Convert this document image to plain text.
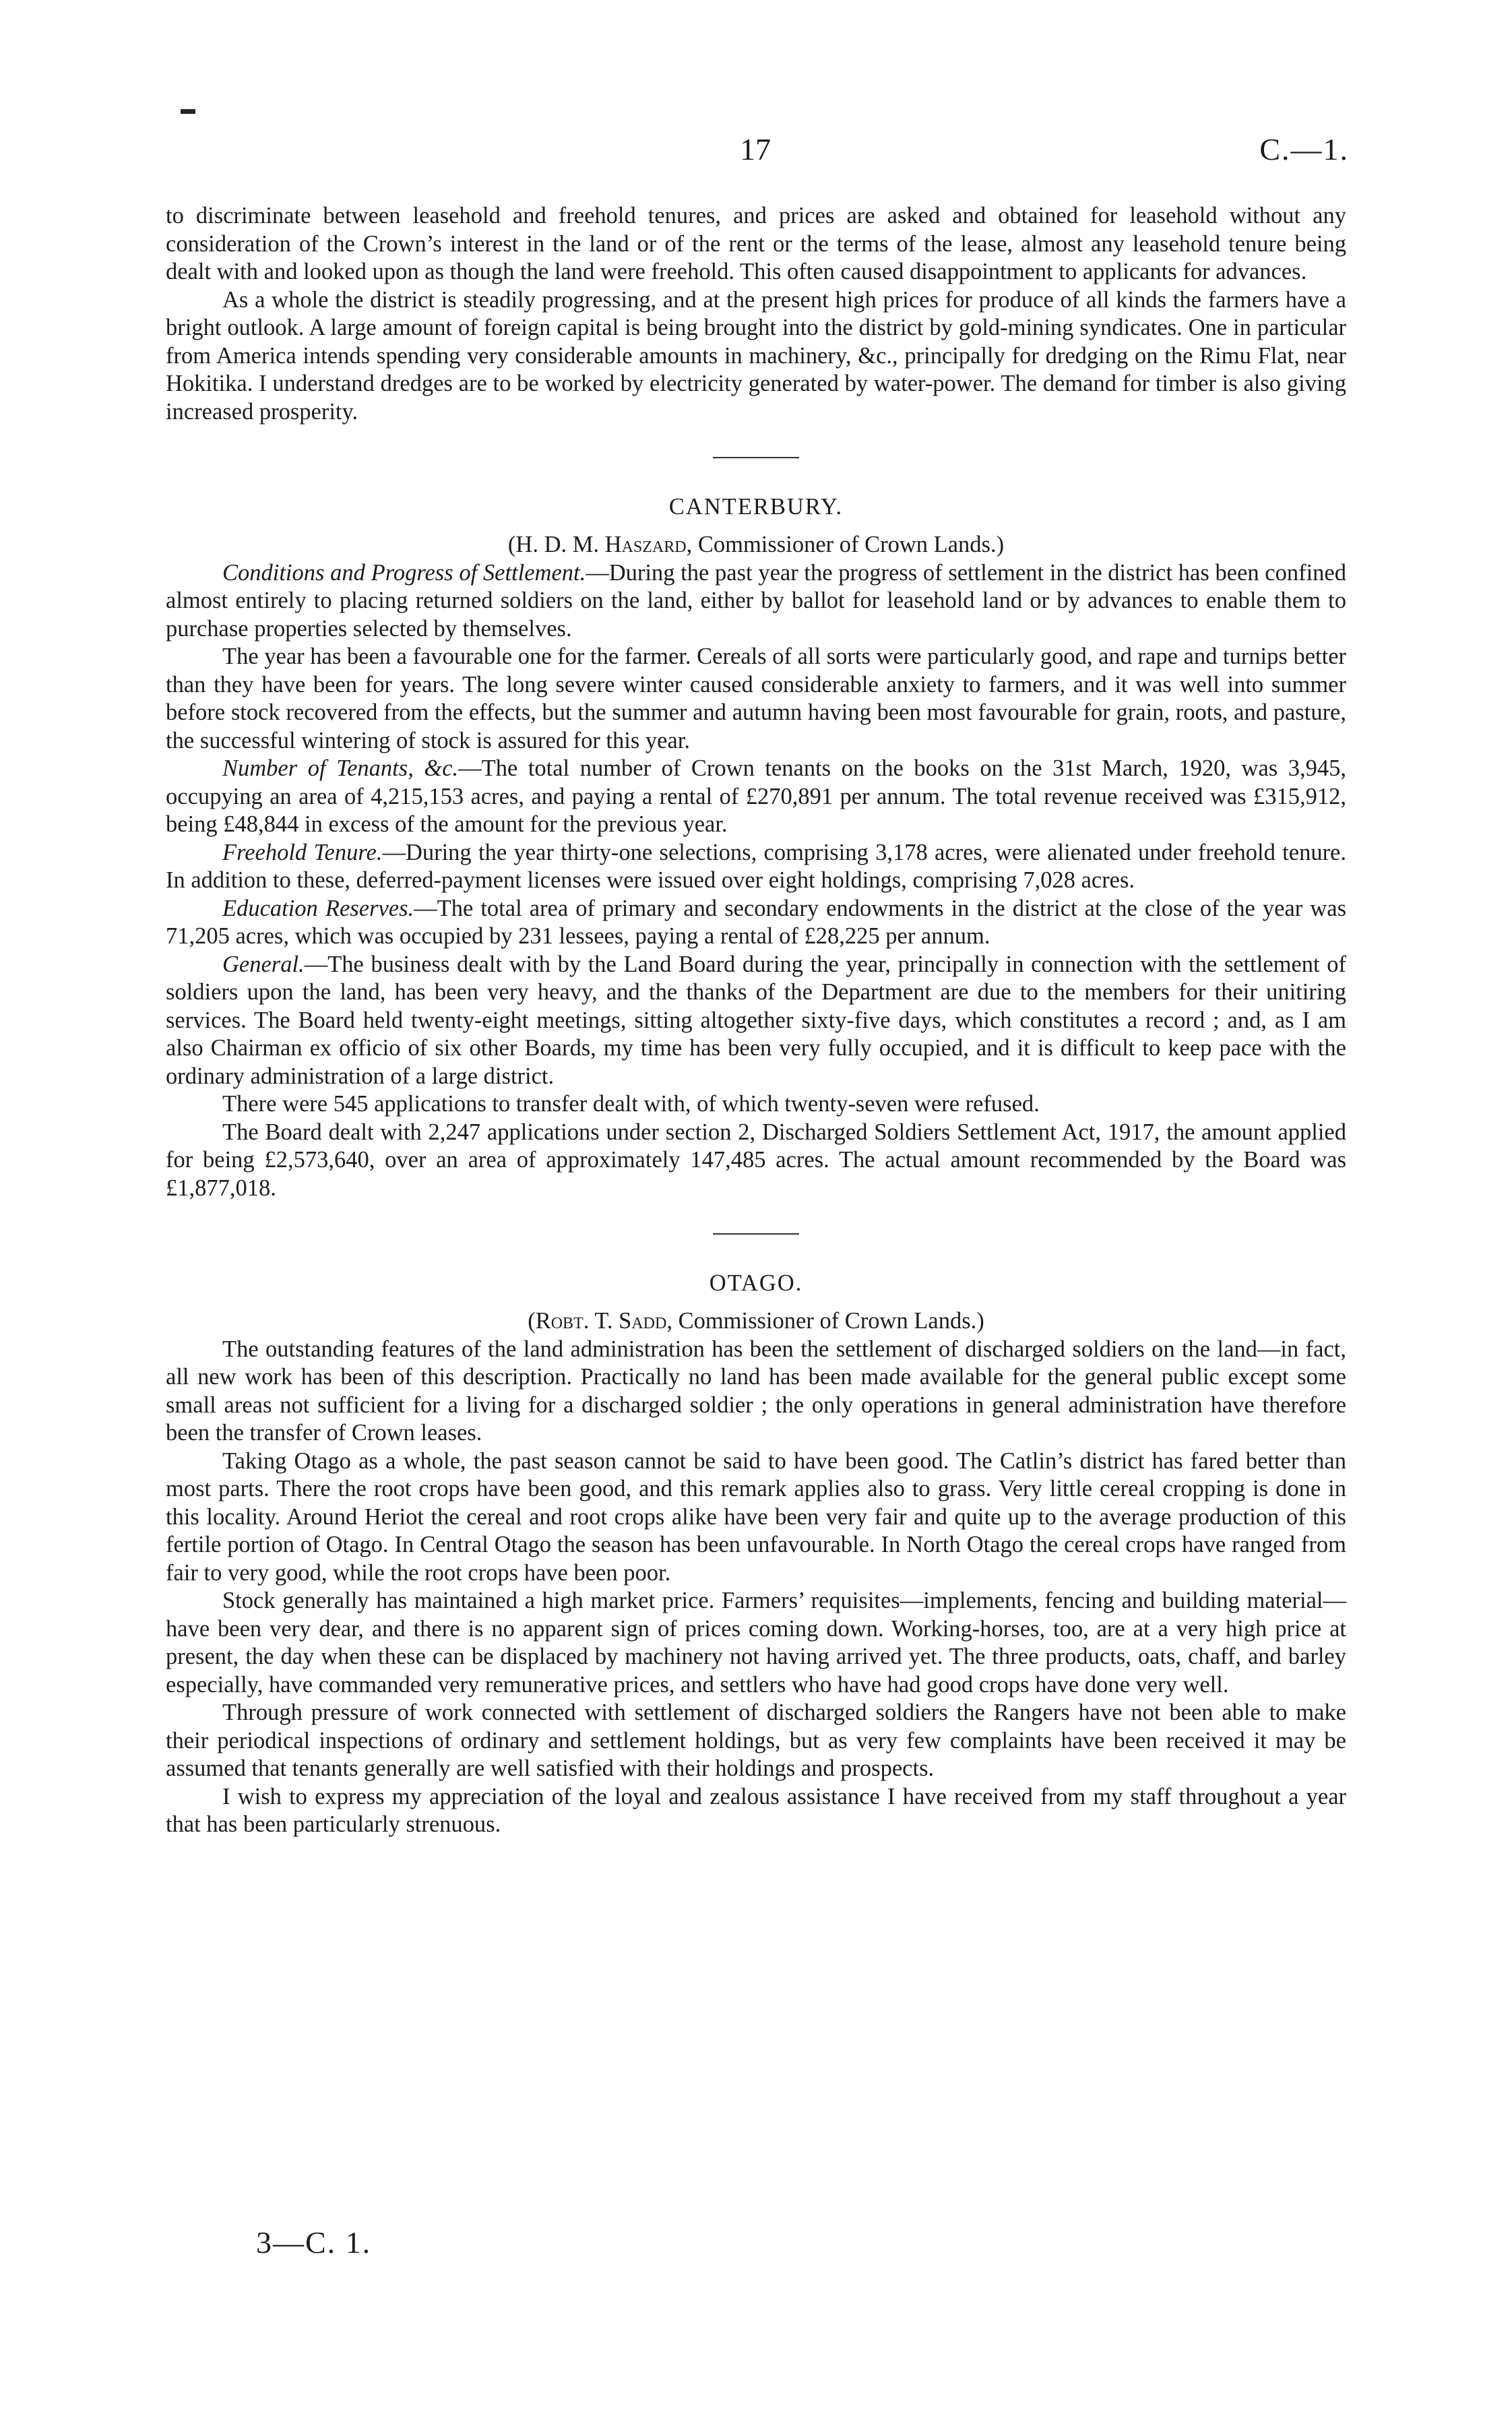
17	C.—1.

to discriminate between leasehold and freehold tenures, and prices are asked and obtained for leasehold without any consideration of the Crown’s interest in the land or of the rent or the terms of the lease, almost any leasehold tenure being dealt with and looked upon as though the land were freehold. This often caused disappointment to applicants for advances.

As a whole the district is steadily progressing, and at the present high prices for produce of all kinds the farmers have a bright outlook. A large amount of foreign capital is being brought into the district by gold-mining syndicates. One in particular from America intends spending very considerable amounts in machinery, &c., principally for dredging on the Rimu Flat, near Hokitika. I understand dredges are to be worked by electricity generated by water-power. The demand for timber is also giving increased prosperity.

CANTERBURY.

(H. D. M. Haszard, Commissioner of Crown Lands.)

Conditions and Progress of Settlement.—During the past year the progress of settlement in the district has been confined almost entirely to placing returned soldiers on the land, either by ballot for leasehold land or by advances to enable them to purchase properties selected by themselves.

The year has been a favourable one for the farmer. Cereals of all sorts were particularly good, and rape and turnips better than they have been for years. The long severe winter caused considerable anxiety to farmers, and it was well into summer before stock recovered from the effects, but the summer and autumn having been most favourable for grain, roots, and pasture, the successful wintering of stock is assured for this year.

Number of Tenants, &c.—The total number of Crown tenants on the books on the 31st March, 1920, was 3,945, occupying an area of 4,215,153 acres, and paying a rental of £270,891 per annum. The total revenue received was £315,912, being £48,844 in excess of the amount for the previous year.

Freehold Tenure.—During the year thirty-one selections, comprising 3,178 acres, were alienated under freehold tenure. In addition to these, deferred-payment licenses were issued over eight holdings, comprising 7,028 acres.

Education Reserves.—The total area of primary and secondary endowments in the district at the close of the year was 71,205 acres, which was occupied by 231 lessees, paying a rental of £28,225 per annum.

General.—The business dealt with by the Land Board during the year, principally in connection with the settlement of soldiers upon the land, has been very heavy, and the thanks of the Department are due to the members for their unitiring services. The Board held twenty-eight meetings, sitting altogether sixty-five days, which constitutes a record ; and, as I am also Chairman ex officio of six other Boards, my time has been very fully occupied, and it is difficult to keep pace with the ordinary administration of a large district.

There were 545 applications to transfer dealt with, of which twenty-seven were refused.

The Board dealt with 2,247 applications under section 2, Discharged Soldiers Settlement Act, 1917, the amount applied for being £2,573,640, over an area of approximately 147,485 acres. The actual amount recommended by the Board was £1,877,018.

OTAGO.

(Robt. T. Sadd, Commissioner of Crown Lands.)

The outstanding features of the land administration has been the settlement of discharged soldiers on the land—in fact, all new work has been of this description. Practically no land has been made available for the general public except some small areas not sufficient for a living for a discharged soldier ; the only operations in general administration have therefore been the transfer of Crown leases.

Taking Otago as a whole, the past season cannot be said to have been good. The Catlin’s district has fared better than most parts. There the root crops have been good, and this remark applies also to grass. Very little cereal cropping is done in this locality. Around Heriot the cereal and root crops alike have been very fair and quite up to the average production of this fertile portion of Otago. In Central Otago the season has been unfavourable. In North Otago the cereal crops have ranged from fair to very good, while the root crops have been poor.

Stock generally has maintained a high market price. Farmers’ requisites—implements, fencing and building material—have been very dear, and there is no apparent sign of prices coming down. Working-horses, too, are at a very high price at present, the day when these can be displaced by machinery not having arrived yet. The three products, oats, chaff, and barley especially, have commanded very remunerative prices, and settlers who have had good crops have done very well.

Through pressure of work connected with settlement of discharged soldiers the Rangers have not been able to make their periodical inspections of ordinary and settlement holdings, but as very few complaints have been received it may be assumed that tenants generally are well satisfied with their holdings and prospects.

I wish to express my appreciation of the loyal and zealous assistance I have received from my staff throughout a year that has been particularly strenuous.

3—C. 1.
